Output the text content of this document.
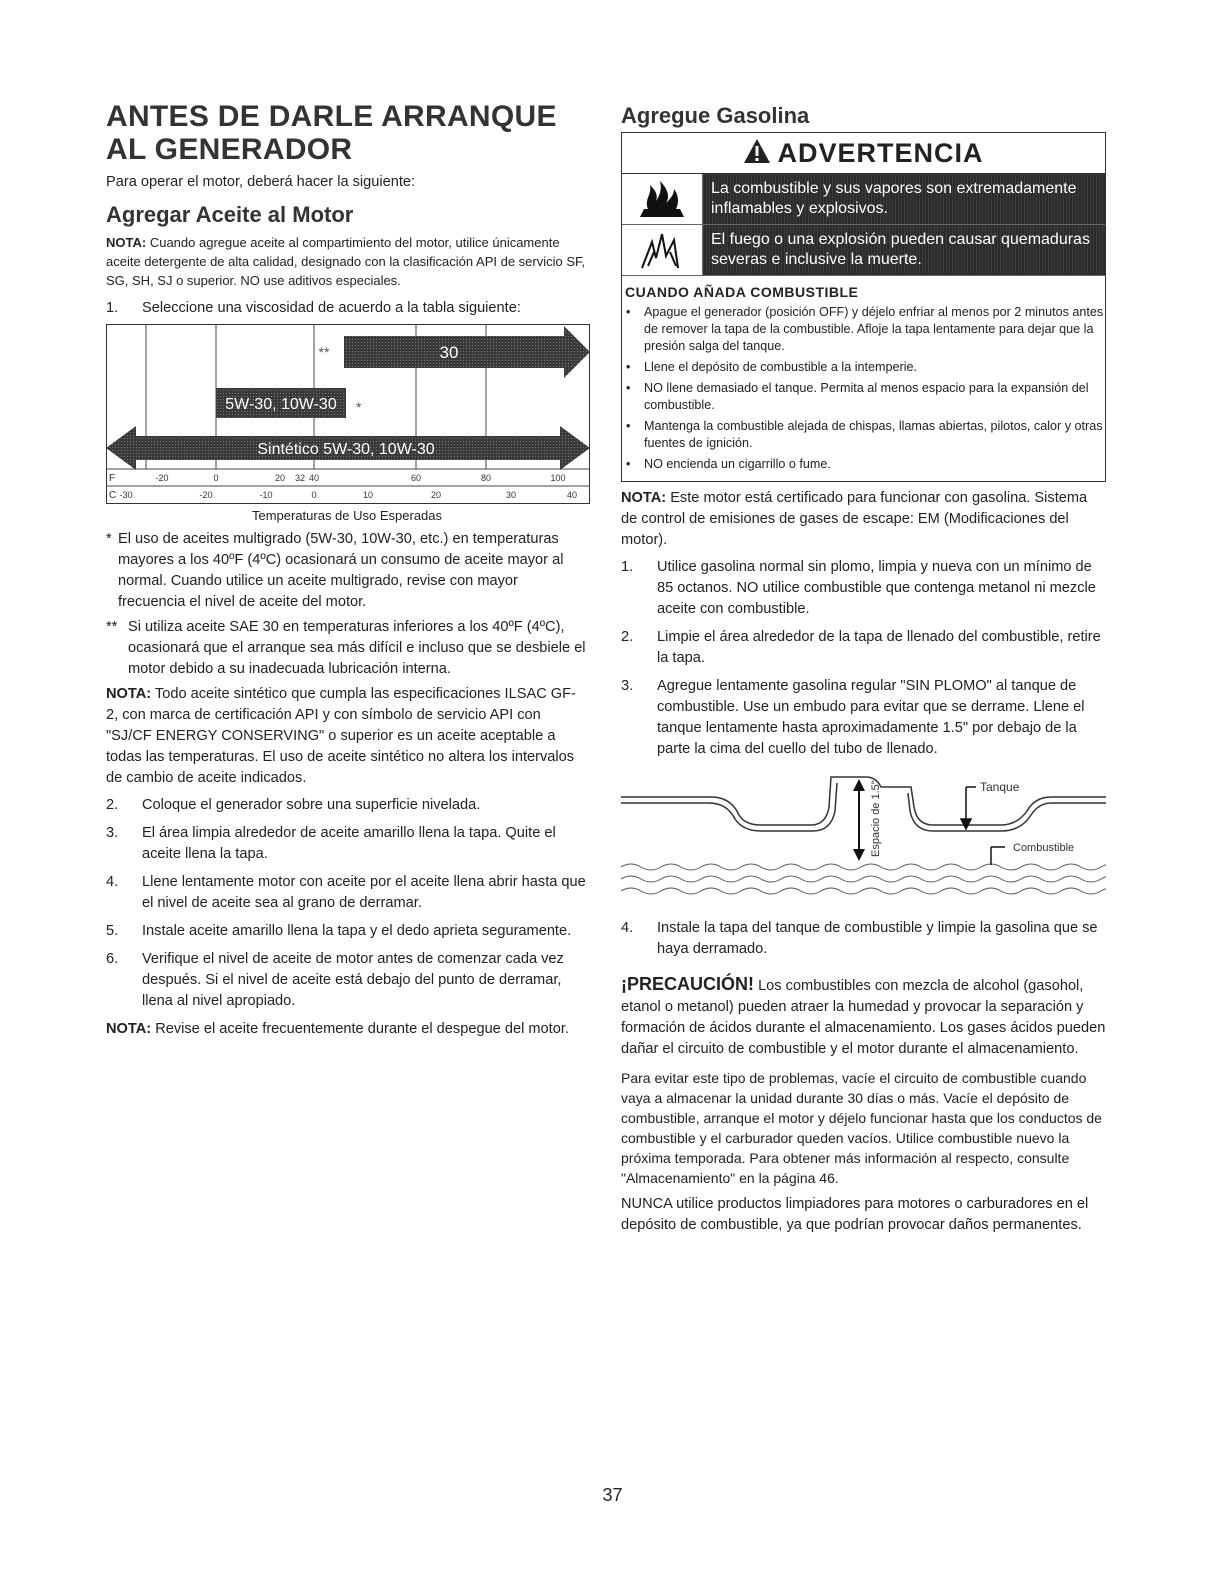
ANTES DE DARLE ARRANQUE AL GENERADOR

Para operar el motor, deberá hacer la siguiente:

Agregar Aceite al Motor

NOTA: Cuando agregue aceite al compartimiento del motor, utilice únicamente aceite detergente de alta calidad, designado con la clasificación API de servicio SF, SG, SH, SJ o superior. NO use aditivos especiales.

1. Seleccione una viscosidad de acuerdo a la tabla siguiente:
30
**
5W-30, 10W-30 *
Sintético 5W-30, 10W-30
F
C
-20	0	20 32 40	60	80	100
-30	-20	-10	0	10	20	30	40

Temperaturas de Uso Esperadas

* El uso de aceites multigrado (5W-30, 10W-30, etc.) en temperaturas mayores a los 40ºF (4ºC) ocasionará un consumo de aceite mayor al normal. Cuando utilice un aceite multigrado, revise con mayor frecuencia el nivel de aceite del motor.
** Si utiliza aceite SAE 30 en temperaturas inferiores a los 40ºF (4ºC), ocasionará que el arranque sea más difícil e incluso que se desbiele el motor debido a su inadecuada lubricación interna.

NOTA: Todo aceite sintético que cumpla las especificaciones ILSAC GF-2, con marca de certificación API y con símbolo de servicio API con "SJ/CF ENERGY CONSERVING" o superior es un aceite aceptable a todas las temperaturas. El uso de aceite sintético no altera los intervalos de cambio de aceite indicados.

2. Coloque el generador sobre una superficie nivelada.
3. El área limpia alrededor de aceite amarillo llena la tapa. Quite el aceite llena la tapa.
4. Llene lentamente motor con aceite por el aceite llena abrir hasta que el nivel de aceite sea al grano de derramar.
5. Instale aceite amarillo llena la tapa y el dedo aprieta seguramente.
6. Verifique el nivel de aceite de motor antes de comenzar cada vez después. Si el nivel de aceite está debajo del punto de derramar, llena al nivel apropiado.

NOTA: Revise el aceite frecuentemente durante el despegue del motor.

Agregue Gasolina
ADVERTENCIA
La combustible y sus vapores son extremadamente inflamables y explosivos.
El fuego o una explosión pueden causar quemaduras severas e inclusive la muerte.
CUANDO AÑADA COMBUSTIBLE
• Apague el generador (posición OFF) y déjelo enfriar al menos por 2 minutos antes de remover la tapa de la combustible. Afloje la tapa lentamente para dejar que la presión salga del tanque.
• Llene el depósito de combustible a la intemperie.
• NO llene demasiado el tanque. Permita al menos espacio para la expansión del combustible.
• Mantenga la combustible alejada de chispas, llamas abiertas, pilotos, calor y otras fuentes de ignición.
• NO encienda un cigarrillo o fume.

NOTA: Este motor está certificado para funcionar con gasolina. Sistema de control de emisiones de gases de escape: EM (Modificaciones del motor).

1. Utilice gasolina normal sin plomo, limpia y nueva con un mínimo de 85 octanos. NO utilice combustible que contenga metanol ni mezcle aceite con combustible.
2. Limpie el área alrededor de la tapa de llenado del combustible, retire la tapa.
3. Agregue lentamente gasolina regular "SIN PLOMO" al tanque de combustible. Use un embudo para evitar que se derrame. Llene el tanque lentamente hasta aproximadamente 1.5" por debajo de la parte la cima del cuello del tubo de llenado.
Espacio de 1.5"	Tanque
Combustible
4. Instale la tapa del tanque de combustible y limpie la gasolina que se haya derramado.

¡PRECAUCIÓN! Los combustibles con mezcla de alcohol (gasohol, etanol o metanol) pueden atraer la humedad y provocar la separación y formación de ácidos durante el almacenamiento. Los gases ácidos pueden dañar el circuito de combustible y el motor durante el almacenamiento.

Para evitar este tipo de problemas, vacíe el circuito de combustible cuando vaya a almacenar la unidad durante 30 días o más. Vacíe el depósito de combustible, arranque el motor y déjelo funcionar hasta que los conductos de combustible y el carburador queden vacíos. Utilice combustible nuevo la próxima temporada. Para obtener más información al respecto, consulte "Almacenamiento" en la página 46.

NUNCA utilice productos limpiadores para motores o carburadores en el depósito de combustible, ya que podrían provocar daños permanentes.

37
